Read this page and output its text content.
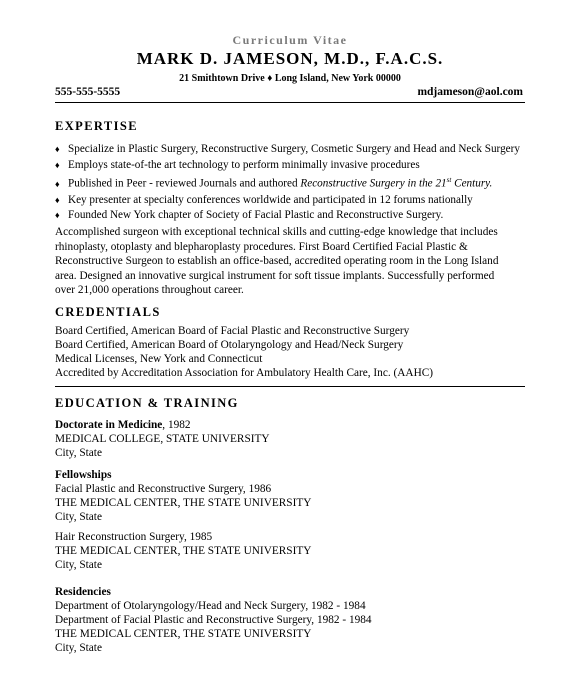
Curriculum Vitae
MARK D. JAMESON, M.D., F.A.C.S.
21 Smithtown Drive ♦ Long Island, New York 00000
555-555-5555	mdjameson@aol.com
EXPERTISE
♦ Specialize in Plastic Surgery, Reconstructive Surgery, Cosmetic Surgery and Head and Neck Surgery
♦ Employs state-of-the art technology to perform minimally invasive procedures
♦ Published in Peer - reviewed Journals and authored Reconstructive Surgery in the 21st Century.
♦ Key presenter at specialty conferences worldwide and participated in 12 forums nationally
♦ Founded New York chapter of Society of Facial Plastic and Reconstructive Surgery.
Accomplished surgeon with exceptional technical skills and cutting-edge knowledge that includes
rhinoplasty, otoplasty and blepharoplasty procedures. First Board Certified Facial Plastic &
Reconstructive Surgeon to establish an office-based, accredited operating room in the Long Island
area. Designed an innovative surgical instrument for soft tissue implants. Successfully performed
over 21,000 operations throughout career.
CREDENTIALS
Board Certified, American Board of Facial Plastic and Reconstructive Surgery
Board Certified, American Board of Otolaryngology and Head/Neck Surgery
Medical Licenses, New York and Connecticut
Accredited by Accreditation Association for Ambulatory Health Care, Inc. (AAHC)
EDUCATION & TRAINING
Doctorate in Medicine, 1982
MEDICAL COLLEGE, STATE UNIVERSITY
City, State
Fellowships
Facial Plastic and Reconstructive Surgery, 1986
THE MEDICAL CENTER, THE STATE UNIVERSITY
City, State
Hair Reconstruction Surgery, 1985
THE MEDICAL CENTER, THE STATE UNIVERSITY
City, State
Residencies
Department of Otolaryngology/Head and Neck Surgery, 1982 - 1984
Department of Facial Plastic and Reconstructive Surgery, 1982 - 1984
THE MEDICAL CENTER, THE STATE UNIVERSITY
City, State
